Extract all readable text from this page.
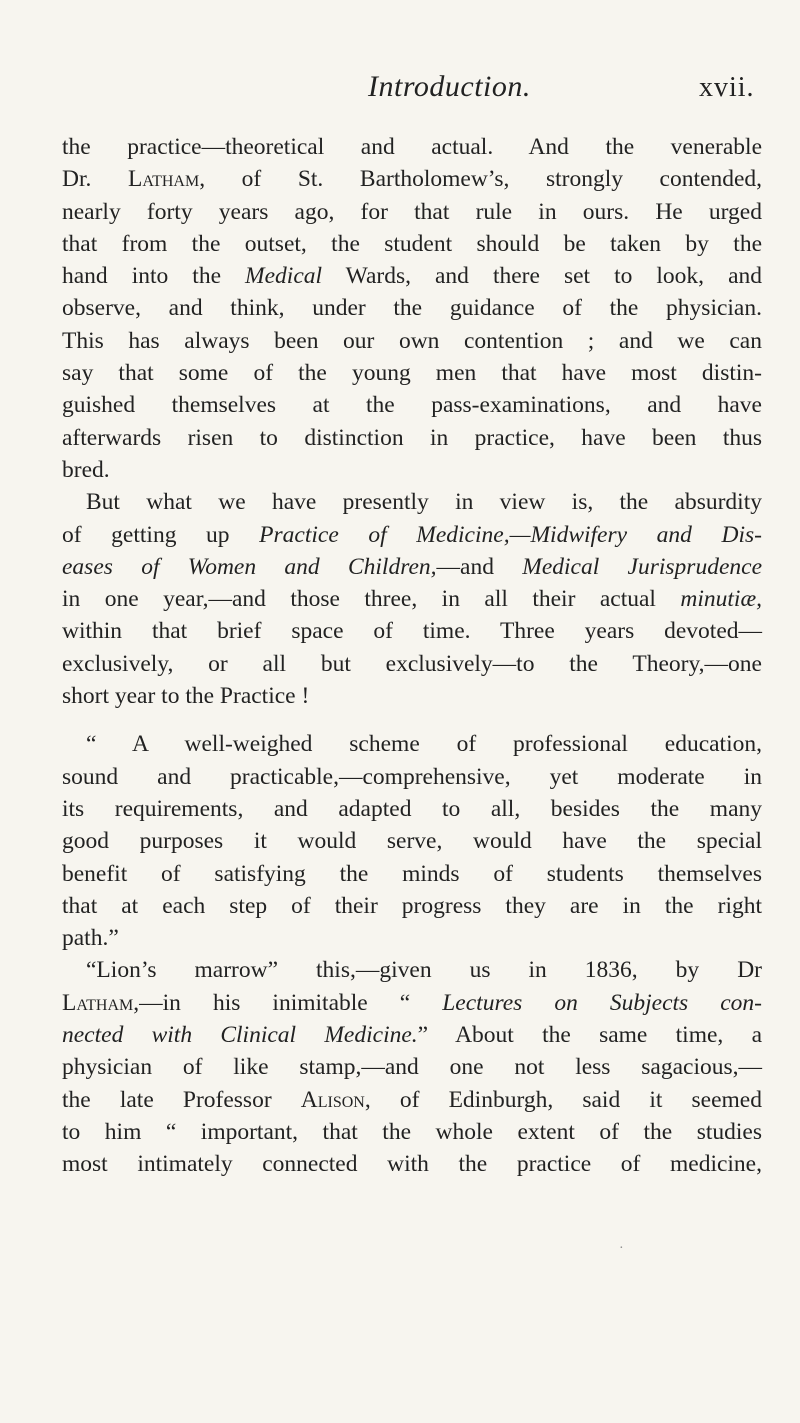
Introduction.	xvii.
the practice—theoretical and actual. And the venerable
Dr. Latham, of St. Bartholomew’s, strongly contended,
nearly forty years ago, for that rule in ours. He urged
that from the outset, the student should be taken by the
hand into the Medical Wards, and there set to look, and
observe, and think, under the guidance of the physician.
This has always been our own contention ; and we can
say that some of the young men that have most distin-
guished themselves at the pass-examinations, and have
afterwards risen to distinction in practice, have been thus
bred.
But what we have presently in view is, the absurdity
of getting up Practice of Medicine,—Midwifery and Dis-
eases of Women and Children,—and Medical Jurisprudence
in one year,—and those three, in all their actual minutiæ,
within that brief space of time. Three years devoted—
exclusively, or all but exclusively—to the Theory,—one
short year to the Practice !
“ A well-weighed scheme of professional education,
sound and practicable,—comprehensive, yet moderate in
its requirements, and adapted to all, besides the many
good purposes it would serve, would have the special
benefit of satisfying the minds of students themselves
that at each step of their progress they are in the right
path.”
“Lion’s marrow” this,—given us in 1836, by Dr
Latham,—in his inimitable “ Lectures on Subjects con-
nected with Clinical Medicine.” About the same time, a
physician of like stamp,—and one not less sagacious,—
the late Professor Alison, of Edinburgh, said it seemed
to him “ important, that the whole extent of the studies
most intimately connected with the practice of medicine,
·
